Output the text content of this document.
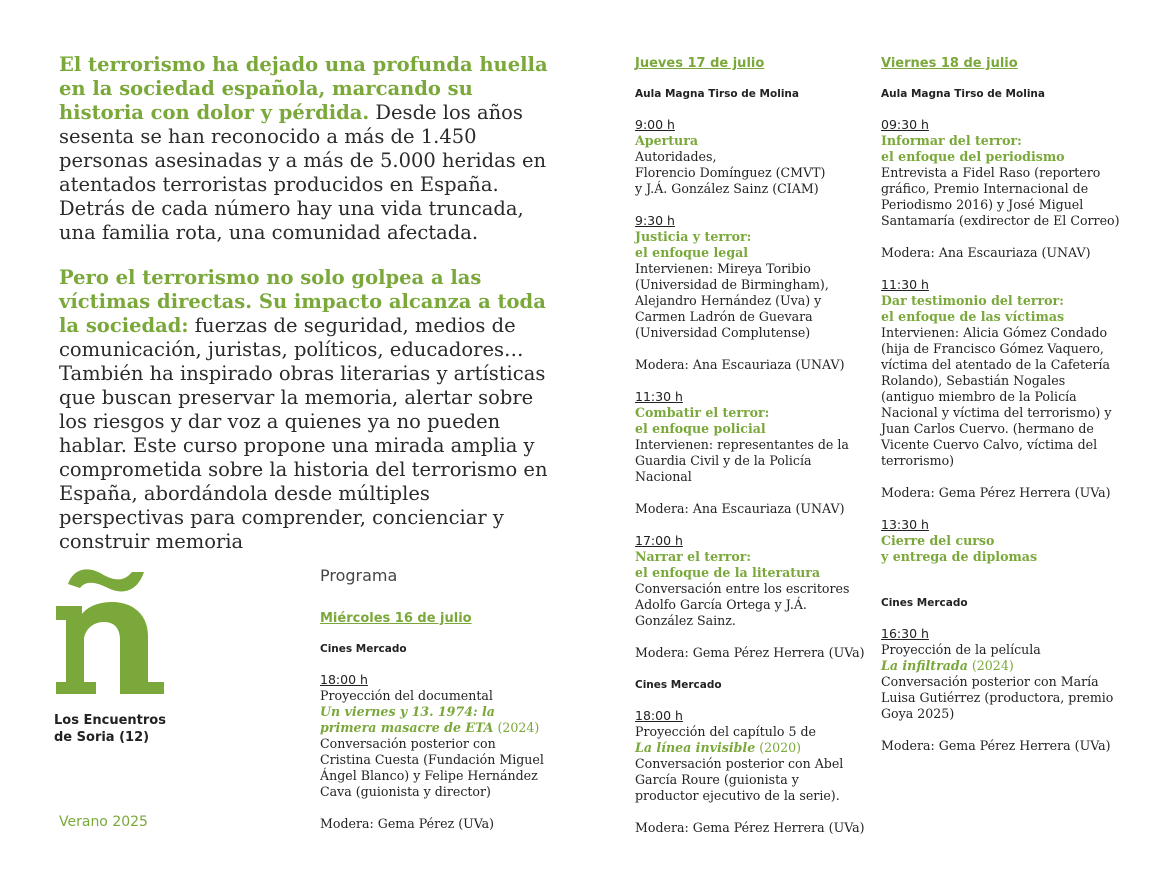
El terrorismo ha dejado una profunda huella en la sociedad española, marcando su historia con dolor y pérdida. Desde los años sesenta se han reconocido a más de 1.450 personas asesinadas y a más de 5.000 heridas en atentados terroristas producidos en España. Detrás de cada número hay una vida truncada, una familia rota, una comunidad afectada.

Pero el terrorismo no solo golpea a las víctimas directas. Su impacto alcanza a toda la sociedad: fuerzas de seguridad, medios de comunicación, juristas, políticos, educadores… También ha inspirado obras literarias y artísticas que buscan preservar la memoria, alertar sobre los riesgos y dar voz a quienes ya no pueden hablar. Este curso propone una mirada amplia y comprometida sobre la historia del terrorismo en España, abordándola desde múltiples perspectivas para comprender, concienciar y construir memoria

Los Encuentros
de Soria (12)
Verano 2025
Programa
Miércoles 16 de julio
Cines Mercado
18:00 h
Proyección del documental
Un viernes y 13. 1974: la primera masacre de ETA (2024)
Conversación posterior con Cristina Cuesta (Fundación Miguel Ángel Blanco) y Felipe Hernández Cava (guionista y director)
Modera: Gema Pérez (UVa)
Jueves 17 de julio
Aula Magna Tirso de Molina
9:00 h
Apertura
Autoridades,
Florencio Domínguez (CMVT)
y J.Á. González Sainz (CIAM)
9:30 h
Justicia y terror:
el enfoque legal
Intervienen: Mireya Toribio (Universidad de Birmingham), Alejandro Hernández (Uva) y Carmen Ladrón de Guevara (Universidad Complutense)
Modera: Ana Escauriaza (UNAV)
11:30 h
Combatir el terror:
el enfoque policial
Intervienen: representantes de la Guardia Civil y de la Policía Nacional
Modera: Ana Escauriaza (UNAV)
17:00 h
Narrar el terror:
el enfoque de la literatura
Conversación entre los escritores Adolfo García Ortega y J.Á. González Sainz.
Modera: Gema Pérez Herrera (UVa)
Cines Mercado
18:00 h
Proyección del capítulo 5 de
La línea invisible (2020)
Conversación posterior con Abel García Roure (guionista y productor ejecutivo de la serie).
Modera: Gema Pérez Herrera (UVa)
Viernes 18 de julio
Aula Magna Tirso de Molina
09:30 h
Informar del terror:
el enfoque del periodismo
Entrevista a Fidel Raso (reportero gráfico, Premio Internacional de Periodismo 2016) y José Miguel Santamaría (exdirector de El Correo)
Modera: Ana Escauriaza (UNAV)
11:30 h
Dar testimonio del terror:
el enfoque de las víctimas
Intervienen: Alicia Gómez Condado (hija de Francisco Gómez Vaquero, víctima del atentado de la Cafetería Rolando), Sebastián Nogales (antiguo miembro de la Policía Nacional y víctima del terrorismo) y Juan Carlos Cuervo. (hermano de Vicente Cuervo Calvo, víctima del terrorismo)
Modera: Gema Pérez Herrera (UVa)
13:30 h
Cierre del curso
y entrega de diplomas
Cines Mercado
16:30 h
Proyección de la película
La infiltrada (2024)
Conversación posterior con María Luisa Gutiérrez (productora, premio Goya 2025)
Modera: Gema Pérez Herrera (UVa)
